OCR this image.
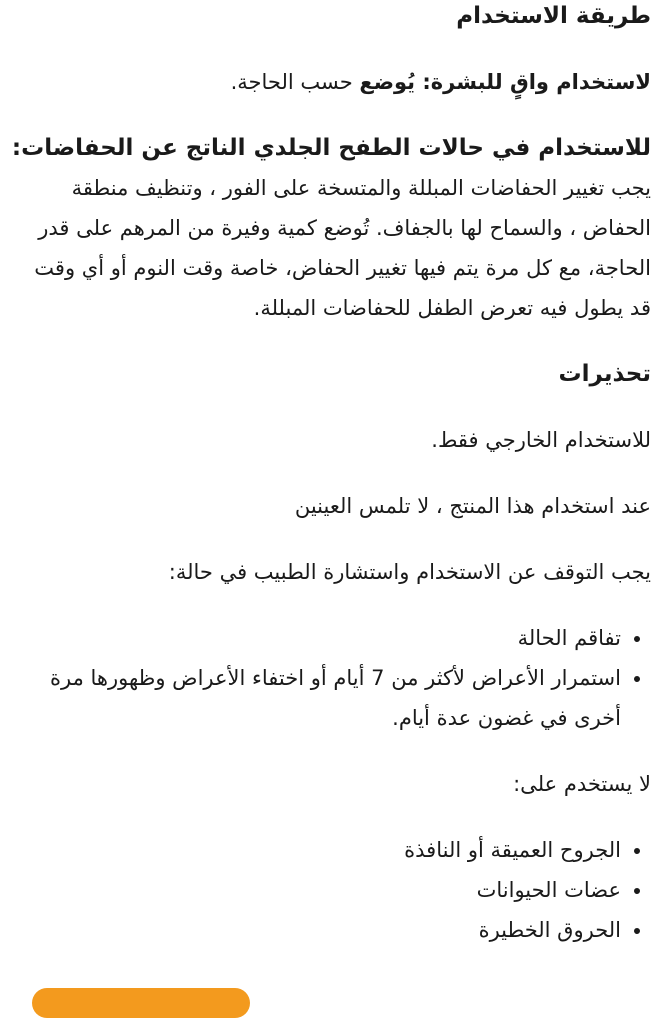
طريقة الاستخدام

لاستخدام واقٍ للبشرة: يُوضع حسب الحاجة.

للاستخدام في حالات الطفح الجلدي الناتج عن الحفاضات: يجب تغيير الحفاضات المبللة والمتسخة على الفور ، وتنظيف منطقة الحفاض ، والسماح لها بالجفاف. تُوضع كمية وفيرة من المرهم على قدر الحاجة، مع كل مرة يتم فيها تغيير الحفاض، خاصة وقت النوم أو أي وقت قد يطول فيه تعرض الطفل للحفاضات المبللة.

تحذيرات

للاستخدام الخارجي فقط.

عند استخدام هذا المنتج ، لا تلمس العينين

يجب التوقف عن الاستخدام واستشارة الطبيب في حالة:

• تفاقم الحالة
• استمرار الأعراض لأكثر من 7 أيام أو اختفاء الأعراض وظهورها مرة أخرى في غضون عدة أيام.

لا يستخدم على:

• الجروح العميقة أو النافذة
• عضات الحيوانات
• الحروق الخطيرة
